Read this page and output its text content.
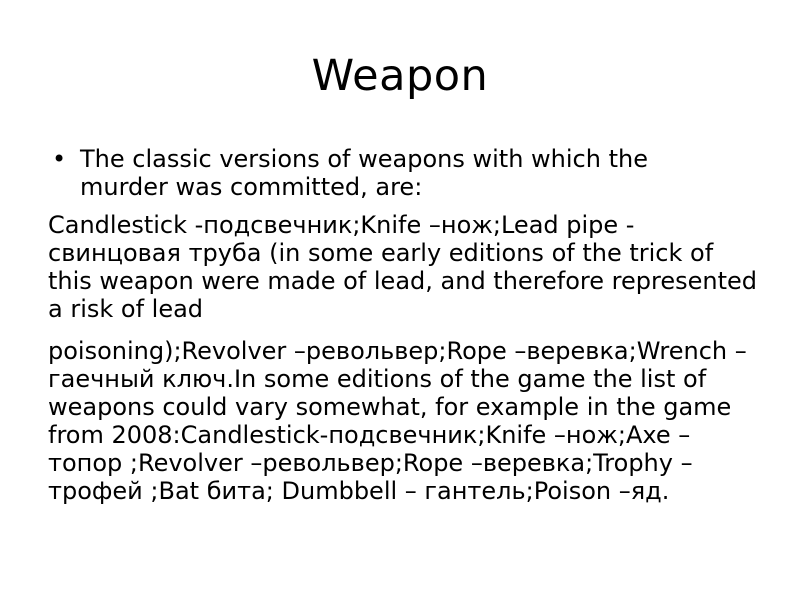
Weapon
• The classic versions of weapons with which the murder was committed, are:

Candlestick -подсвечник;Knife –нож;Lead pipe - свинцовая труба (in some early editions of the trick of this weapon were made of lead, and therefore represented a risk of lead

poisoning);Revolver –револьвер;Rope –веревка;Wrench –гаечный ключ.In some editions of the game the list of weapons could vary somewhat, for example in the game from 2008:Candlestick-подсвечник;Knife –нож;Axe –топор ;Revolver –револьвер;Rope –веревка;Trophy – трофей ;Bat бита; Dumbbell – гантель;Poison –яд.
